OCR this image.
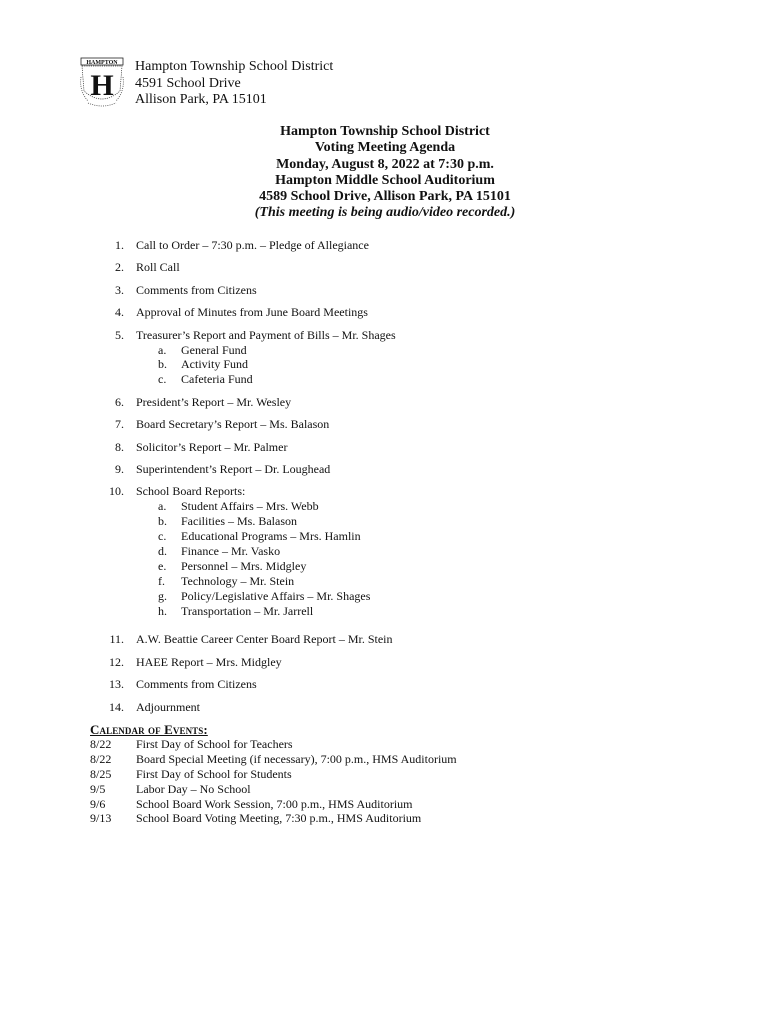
HAMPTON
H
Hampton Township School District
4591 School Drive
Allison Park, PA 15101
Hampton Township School District
Voting Meeting Agenda
Monday, August 8, 2022 at 7:30 p.m.
Hampton Middle School Auditorium
4589 School Drive, Allison Park, PA 15101
(This meeting is being audio/video recorded.)
1. Call to Order – 7:30 p.m. – Pledge of Allegiance
2. Roll Call
3. Comments from Citizens
4. Approval of Minutes from June Board Meetings
5. Treasurer’s Report and Payment of Bills – Mr. Shages
a. General Fund
b. Activity Fund
c. Cafeteria Fund
6. President’s Report – Mr. Wesley
7. Board Secretary’s Report – Ms. Balason
8. Solicitor’s Report – Mr. Palmer
9. Superintendent’s Report – Dr. Loughead
10. School Board Reports:
a. Student Affairs – Mrs. Webb
b. Facilities – Ms. Balason
c. Educational Programs – Mrs. Hamlin
d. Finance – Mr. Vasko
e. Personnel – Mrs. Midgley
f. Technology – Mr. Stein
g. Policy/Legislative Affairs – Mr. Shages
h. Transportation – Mr. Jarrell
11. A.W. Beattie Career Center Board Report – Mr. Stein
12. HAEE Report – Mrs. Midgley
13. Comments from Citizens
14. Adjournment
Calendar of Events:
8/22 First Day of School for Teachers
8/22 Board Special Meeting (if necessary), 7:00 p.m., HMS Auditorium
8/25 First Day of School for Students
9/5	Labor Day – No School
9/6	School Board Work Session, 7:00 p.m., HMS Auditorium
9/13 School Board Voting Meeting, 7:30 p.m., HMS Auditorium
